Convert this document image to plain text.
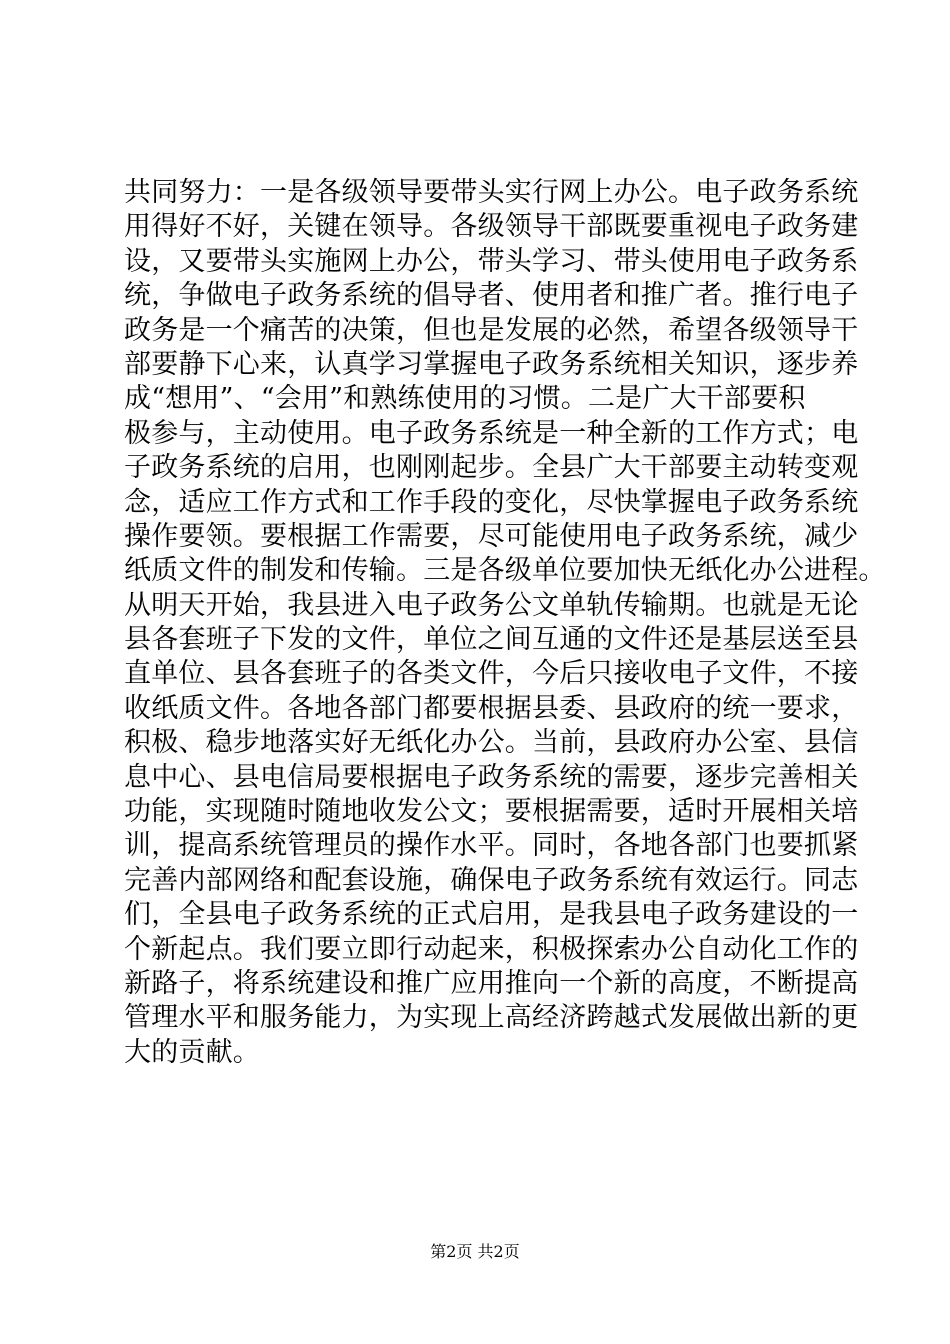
共同努力：一是各级领导要带头实行网上办公。电子政务系统
用得好不好，关键在领导。各级领导干部既要重视电子政务建
设，又要带头实施网上办公，带头学习、带头使用电子政务系
统，争做电子政务系统的倡导者、使用者和推广者。推行电子
政务是一个痛苦的决策，但也是发展的必然，希望各级领导干
部要静下心来，认真学习掌握电子政务系统相关知识，逐步养
成“想用”、“会用”和熟练使用的习惯。二是广大干部要积
极参与，主动使用。电子政务系统是一种全新的工作方式；电
子政务系统的启用，也刚刚起步。全县广大干部要主动转变观
念，适应工作方式和工作手段的变化，尽快掌握电子政务系统
操作要领。要根据工作需要，尽可能使用电子政务系统，减少
纸质文件的制发和传输。三是各级单位要加快无纸化办公进程。
从明天开始，我县进入电子政务公文单轨传输期。也就是无论
县各套班子下发的文件，单位之间互通的文件还是基层送至县
直单位、县各套班子的各类文件，今后只接收电子文件，不接
收纸质文件。各地各部门都要根据县委、县政府的统一要求，
积极、稳步地落实好无纸化办公。当前，县政府办公室、县信
息中心、县电信局要根据电子政务系统的需要，逐步完善相关
功能，实现随时随地收发公文；要根据需要，适时开展相关培
训，提高系统管理员的操作水平。同时，各地各部门也要抓紧
完善内部网络和配套设施，确保电子政务系统有效运行。同志
们，全县电子政务系统的正式启用，是我县电子政务建设的一
个新起点。我们要立即行动起来，积极探索办公自动化工作的
新路子，将系统建设和推广应用推向一个新的高度，不断提高
管理水平和服务能力，为实现上高经济跨越式发展做出新的更
大的贡献。
第2页 共2页
